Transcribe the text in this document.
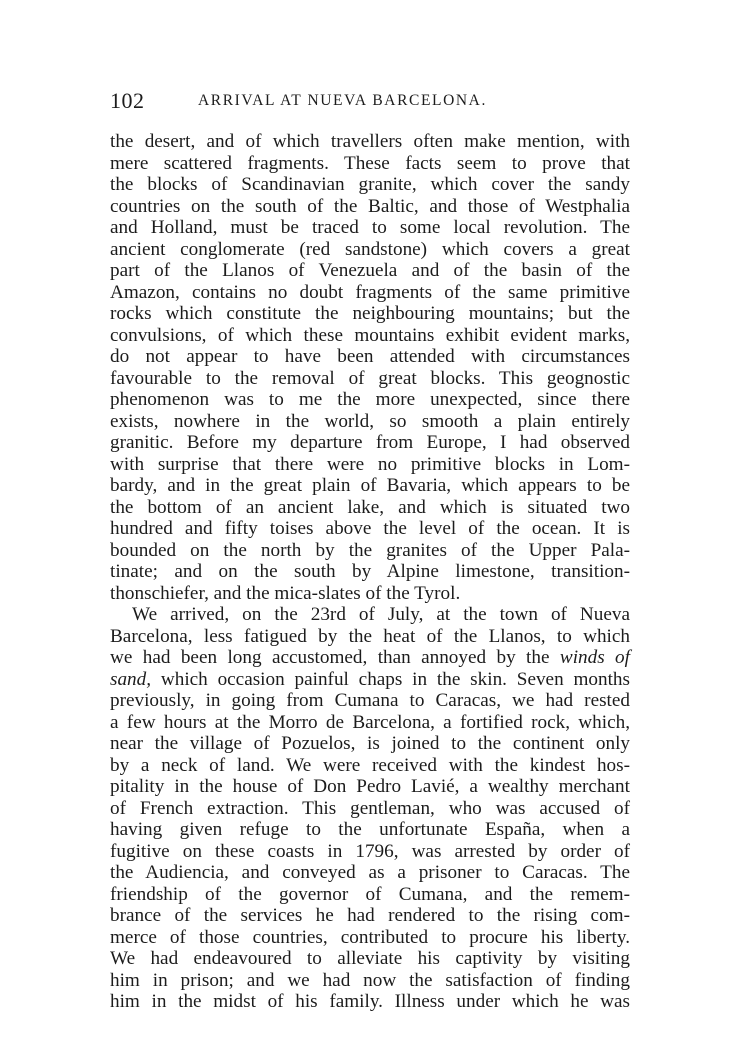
102	ARRIVAL AT NUEVA BARCELONA.
the desert, and of which travellers often make mention, with
mere scattered fragments. These facts seem to prove that
the blocks of Scandinavian granite, which cover the sandy
countries on the south of the Baltic, and those of Westphalia
and Holland, must be traced to some local revolution. The
ancient conglomerate (red sandstone) which covers a great
part of the Llanos of Venezuela and of the basin of the
Amazon, contains no doubt fragments of the same primitive
rocks which constitute the neighbouring mountains; but the
convulsions, of which these mountains exhibit evident marks,
do not appear to have been attended with circumstances
favourable to the removal of great blocks. This geognostic
phenomenon was to me the more unexpected, since there
exists, nowhere in the world, so smooth a plain entirely
granitic. Before my departure from Europe, I had observed
with surprise that there were no primitive blocks in Lom-
bardy, and in the great plain of Bavaria, which appears to be
the bottom of an ancient lake, and which is situated two
hundred and fifty toises above the level of the ocean. It is
bounded on the north by the granites of the Upper Pala-
tinate; and on the south by Alpine limestone, transition-
thonschiefer, and the mica-slates of the Tyrol.
We arrived, on the 23rd of July, at the town of Nueva
Barcelona, less fatigued by the heat of the Llanos, to which
we had been long accustomed, than annoyed by the winds of
sand, which occasion painful chaps in the skin. Seven months
previously, in going from Cumana to Caracas, we had rested
a few hours at the Morro de Barcelona, a fortified rock, which,
near the village of Pozuelos, is joined to the continent only
by a neck of land. We were received with the kindest hos-
pitality in the house of Don Pedro Lavié, a wealthy merchant
of French extraction. This gentleman, who was accused of
having given refuge to the unfortunate España, when a
fugitive on these coasts in 1796, was arrested by order of
the Audiencia, and conveyed as a prisoner to Caracas. The
friendship of the governor of Cumana, and the remem-
brance of the services he had rendered to the rising com-
merce of those countries, contributed to procure his liberty.
We had endeavoured to alleviate his captivity by visiting
him in prison; and we had now the satisfaction of finding
him in the midst of his family. Illness under which he was
